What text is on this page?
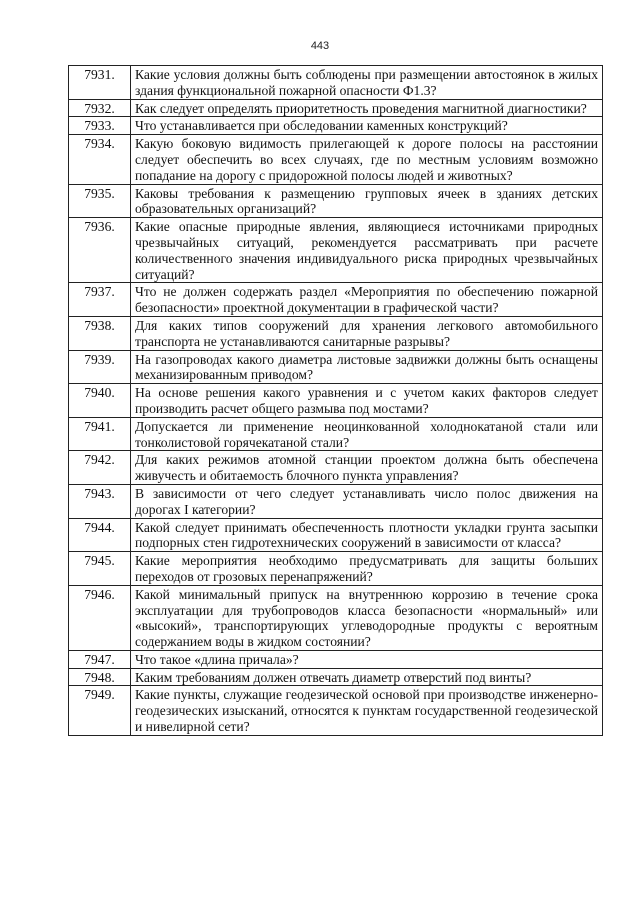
443
7931.	Какие условия должны быть соблюдены при размещении автостоянок в жилых здания функциональной пожарной опасности Ф1.3?
7932.	Как следует определять приоритетность проведения магнитной диагностики?
7933.	Что устанавливается при обследовании каменных конструкций?
7934.	Какую боковую видимость прилегающей к дороге полосы на расстоянии следует обеспечить во всех случаях, где по местным условиям возможно попадание на дорогу с придорожной полосы людей и животных?
7935.	Каковы требования к размещению групповых ячеек в зданиях детских образовательных организаций?
7936.	Какие опасные природные явления, являющиеся источниками природных чрезвычайных ситуаций, рекомендуется рассматривать при расчете количественного значения индивидуального риска природных чрезвычайных ситуаций?
7937.	Что не должен содержать раздел «Мероприятия по обеспечению пожарной безопасности» проектной документации в графической части?
7938.	Для каких типов сооружений для хранения легкового автомобильного транспорта не устанавливаются санитарные разрывы?
7939.	На газопроводах какого диаметра листовые задвижки должны быть оснащены механизированным приводом?
7940.	На основе решения какого уравнения и с учетом каких факторов следует производить расчет общего размыва под мостами?
7941.	Допускается ли применение неоцинкованной холоднокатаной стали или тонколистовой горячекатаной стали?
7942.	Для каких режимов атомной станции проектом должна быть обеспечена живучесть и обитаемость блочного пункта управления?
7943.	В зависимости от чего следует устанавливать число полос движения на дорогах I категории?
7944.	Какой следует принимать обеспеченность плотности укладки грунта засыпки подпорных стен гидротехнических сооружений в зависимости от класса?
7945.	Какие мероприятия необходимо предусматривать для защиты больших переходов от грозовых перенапряжений?
7946.	Какой минимальный припуск на внутреннюю коррозию в течение срока эксплуатации для трубопроводов класса безопасности «нормальный» или «высокий», транспортирующих углеводородные продукты с вероятным содержанием воды в жидком состоянии?
7947.	Что такое «длина причала»?
7948.	Каким требованиям должен отвечать диаметр отверстий под винты?
7949.	Какие пункты, служащие геодезической основой при производстве инженерно-геодезических изысканий, относятся к пунктам государственной геодезической и нивелирной сети?
